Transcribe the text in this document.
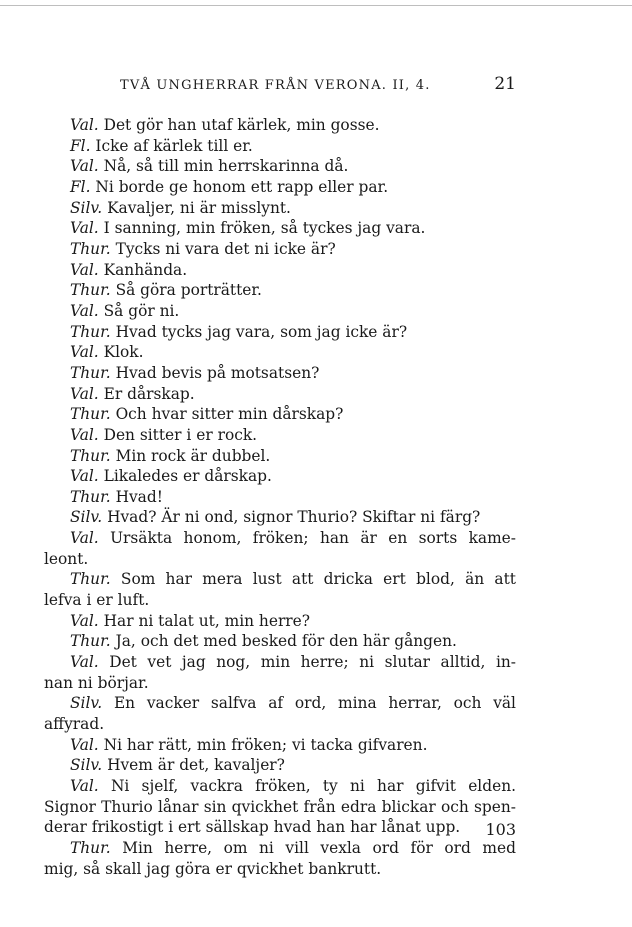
TVÅ UNGHERRAR FRÅN VERONA. II, 4.	21
Val. Det gör han utaf kärlek, min gosse.
Fl. Icke af kärlek till er.
Val. Nå, så till min herrskarinna då.
Fl. Ni borde ge honom ett rapp eller par.
Silv. Kavaljer, ni är misslynt.
Val. I sanning, min fröken, så tyckes jag vara.
Thur. Tycks ni vara det ni icke är?
Val. Kanhända.
Thur. Så göra porträtter.
Val. Så gör ni.
Thur. Hvad tycks jag vara, som jag icke är?
Val. Klok.
Thur. Hvad bevis på motsatsen?
Val. Er dårskap.
Thur. Och hvar sitter min dårskap?
Val. Den sitter i er rock.
Thur. Min rock är dubbel.
Val. Likaledes er dårskap.
Thur. Hvad!
Silv. Hvad? Är ni ond, signor Thurio? Skiftar ni färg?
Val. Ursäkta honom, fröken; han är en sorts kame-
leont.
Thur. Som har mera lust att dricka ert blod, än att
lefva i er luft.
Val. Har ni talat ut, min herre?
Thur. Ja, och det med besked för den här gången.
Val. Det vet jag nog, min herre; ni slutar alltid, in-
nan ni börjar.
Silv. En vacker salfva af ord, mina herrar, och väl
affyrad.
Val. Ni har rätt, min fröken; vi tacka gifvaren.
Silv. Hvem är det, kavaljer?
Val. Ni sjelf, vackra fröken, ty ni har gifvit elden.
Signor Thurio lånar sin qvickhet från edra blickar och spen-
derar frikostigt i ert sällskap hvad han har lånat upp.
Thur. Min herre, om ni vill vexla ord för ord med
mig, så skall jag göra er qvickhet bankrutt.
103
